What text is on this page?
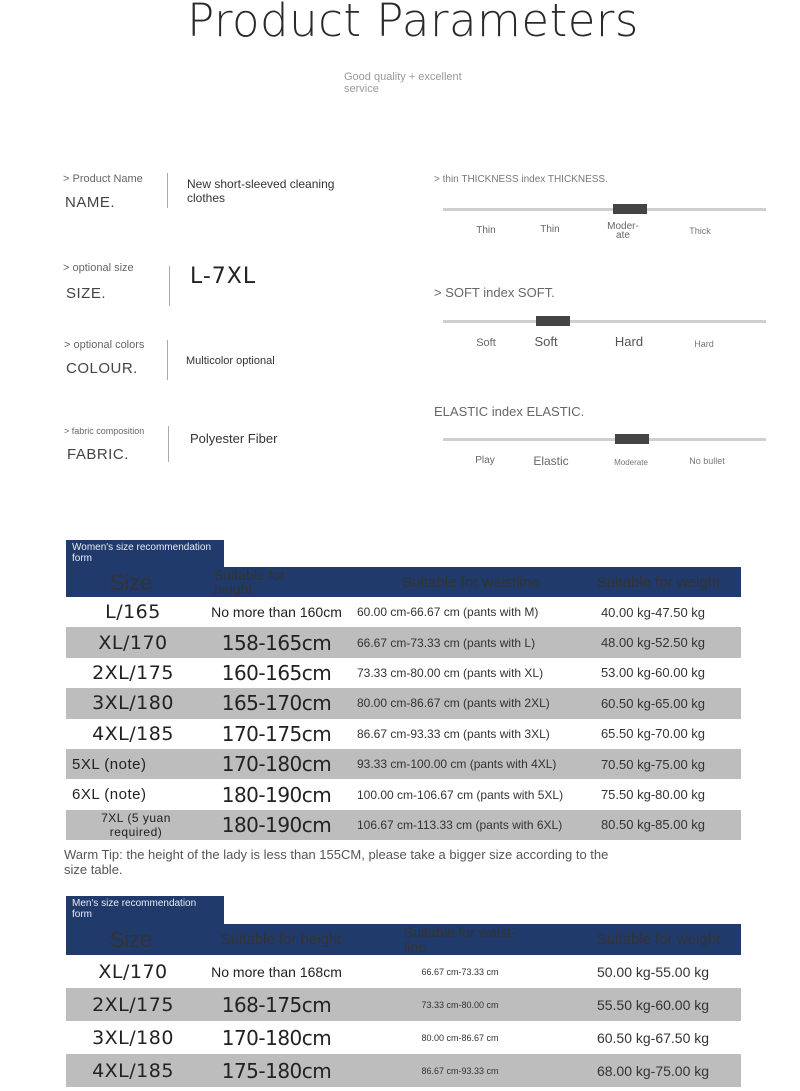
Product Parameters
Good quality + excellent service
> Product Name
NAME.
New short-sleeved cleaning clothes
> optional size
SIZE.
L-7XL
> optional colors
COLOUR.	Multicolor optional
> fabric composition
FABRIC.
Polyester Fiber
> thin THICKNESS index THICKNESS.
Thin	Thin	Moder-ate	Thick
> SOFT index SOFT.
Soft	Soft	Hard	Hard
ELASTIC index ELASTIC.
Play	Elastic	Moderate	No bullet
Women's size recommendation form
Size	Suitable for height	Suitable for waistline	Suitable for weight
L/165	No more than 160cm	60.00 cm-66.67 cm (pants with M)	40.00 kg-47.50 kg
XL/170	158-165cm	66.67 cm-73.33 cm (pants with L)	48.00 kg-52.50 kg
2XL/175	160-165cm	73.33 cm-80.00 cm (pants with XL)	53.00 kg-60.00 kg
3XL/180	165-170cm	80.00 cm-86.67 cm (pants with 2XL)	60.50 kg-65.00 kg
4XL/185	170-175cm	86.67 cm-93.33 cm (pants with 3XL)	65.50 kg-70.00 kg
5XL (note)	170-180cm	93.33 cm-100.00 cm (pants with 4XL)	70.50 kg-75.00 kg
6XL (note)	180-190cm	100.00 cm-106.67 cm (pants with 5XL)	75.50 kg-80.00 kg
7XL (5 yuan required)	180-190cm	106.67 cm-113.33 cm (pants with 6XL)	80.50 kg-85.00 kg
Warm Tip: the height of the lady is less than 155CM, please take a bigger size according to the size table.
Men's size recommendation form
Size	Suitable for height	Suitable for waist-line	Suitable for weight
XL/170	No more than 168cm	66.67 cm-73.33 cm	50.00 kg-55.00 kg
2XL/175	168-175cm	73.33 cm-80.00 cm	55.50 kg-60.00 kg
3XL/180	170-180cm	80.00 cm-86.67 cm	60.50 kg-67.50 kg
4XL/185	175-180cm	86.67 cm-93.33 cm	68.00 kg-75.00 kg
